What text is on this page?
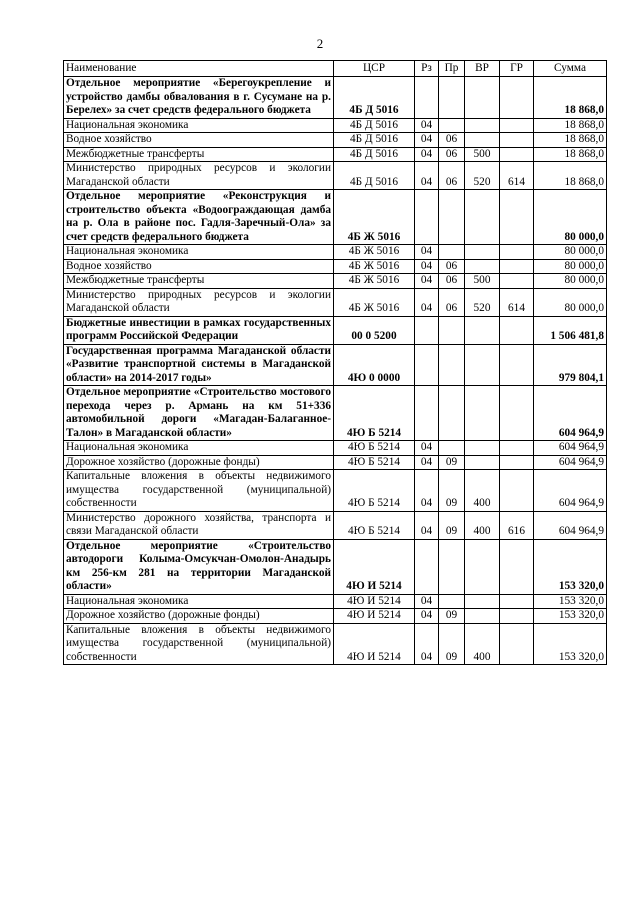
2
Наименование	ЦСР	Рз	Пр	ВР	ГР	Сумма
Отдельное мероприятие «Берегоукрепление и устройство дамбы обвалования в г. Сусумане на р. Берелех» за счет средств федерального бюджета	4Б Д 5016					18 868,0
Национальная экономика	4Б Д 5016	04				18 868,0
Водное хозяйство	4Б Д 5016	04	06			18 868,0
Межбюджетные трансферты	4Б Д 5016	04	06	500		18 868,0
Министерство природных ресурсов и экологии Магаданской области	4Б Д 5016	04	06	520	614	18 868,0
Отдельное мероприятие «Реконструкция и строительство объекта «Водоограждающая дамба на р. Ола в районе пос. Гадля-Заречный-Ола» за счет средств федерального бюджета	4Б Ж 5016					80 000,0
Национальная экономика	4Б Ж 5016	04				80 000,0
Водное хозяйство	4Б Ж 5016	04	06			80 000,0
Межбюджетные трансферты	4Б Ж 5016	04	06	500		80 000,0
Министерство природных ресурсов и экологии Магаданской области	4Б Ж 5016	04	06	520	614	80 000,0
Бюджетные инвестиции в рамках государственных программ Российской Федерации	00 0 5200					1 506 481,8
Государственная программа Магаданской области «Развитие транспортной системы в Магаданской области» на 2014-2017 годы»	4Ю 0 0000					979 804,1
Отдельное мероприятие «Строительство мостового перехода через р. Армань на км 51+336 автомобильной дороги «Магадан-Балаганное-Талон» в Магаданской области»	4Ю Б 5214					604 964,9
Национальная экономика	4Ю Б 5214	04				604 964,9
Дорожное хозяйство (дорожные фонды)	4Ю Б 5214	04	09			604 964,9
Капитальные вложения в объекты недвижимого имущества государственной (муниципальной) собственности	4Ю Б 5214	04	09	400		604 964,9
Министерство дорожного хозяйства, транспорта и связи Магаданской области	4Ю Б 5214	04	09	400	616	604 964,9
Отдельное мероприятие «Строительство автодороги Колыма-Омсукчан-Омолон-Анадырь км 256-км 281 на территории Магаданской области»	4Ю И 5214					153 320,0
Национальная экономика	4Ю И 5214	04				153 320,0
Дорожное хозяйство (дорожные фонды)	4Ю И 5214	04	09			153 320,0
Капитальные вложения в объекты недвижимого имущества государственной (муниципальной) собственности	4Ю И 5214	04	09	400		153 320,0
